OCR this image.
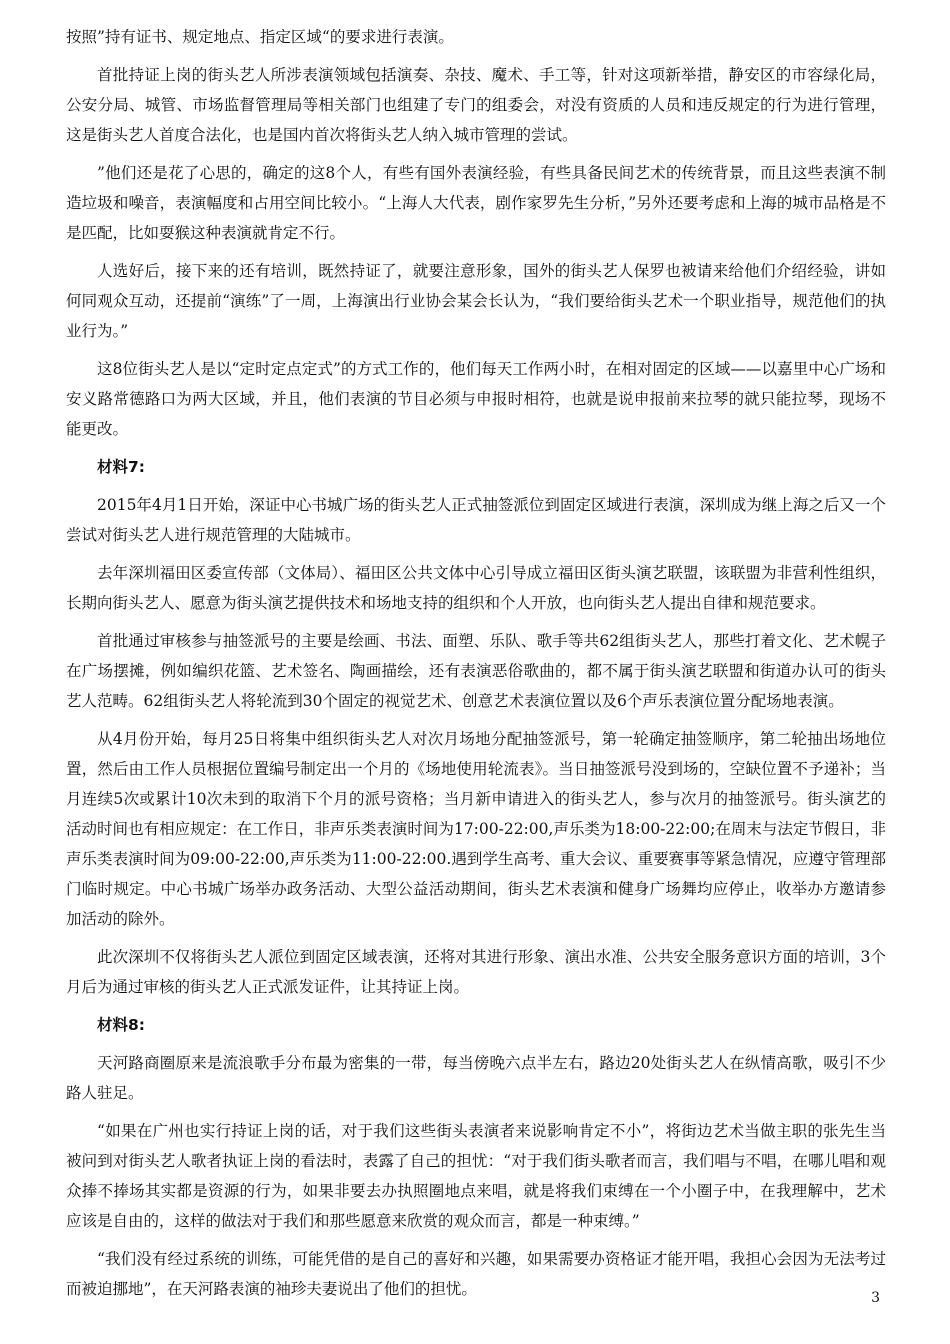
按照”持有证书、规定地点、指定区域“的要求进行表演。

首批持证上岗的街头艺人所涉表演领域包括演奏、杂技、魔术、手工等，针对这项新举措，静安区的市容绿化局，公安分局、城管、市场监督管理局等相关部门也组建了专门的组委会，对没有资质的人员和违反规定的行为进行管理，这是街头艺人首度合法化，也是国内首次将街头艺人纳入城市管理的尝试。

”他们还是花了心思的，确定的这8个人，有些有国外表演经验，有些具备民间艺术的传统背景，而且这些表演不制造垃圾和噪音，表演幅度和占用空间比较小。“上海人大代表，剧作家罗先生分析，”另外还要考虑和上海的城市品格是不是匹配，比如耍猴这种表演就肯定不行。

人选好后，接下来的还有培训，既然持证了，就要注意形象，国外的街头艺人保罗也被请来给他们介绍经验，讲如何同观众互动，还提前“演练”了一周，上海演出行业协会某会长认为，“我们要给街头艺术一个职业指导，规范他们的执业行为。”

这8位街头艺人是以“定时定点定式”的方式工作的，他们每天工作两小时，在相对固定的区域——以嘉里中心广场和安义路常德路口为两大区域，并且，他们表演的节目必须与申报时相符，也就是说申报前来拉琴的就只能拉琴，现场不能更改。

材料7:

2015年4月1日开始，深证中心书城广场的街头艺人正式抽签派位到固定区域进行表演，深圳成为继上海之后又一个尝试对街头艺人进行规范管理的大陆城市。

去年深圳福田区委宣传部（文体局）、福田区公共文体中心引导成立福田区街头演艺联盟，该联盟为非营利性组织，长期向街头艺人、愿意为街头演艺提供技术和场地支持的组织和个人开放，也向街头艺人提出自律和规范要求。

首批通过审核参与抽签派号的主要是绘画、书法、面塑、乐队、歌手等共62组街头艺人，那些打着文化、艺术幌子在广场摆摊，例如编织花篮、艺术签名、陶画描绘，还有表演恶俗歌曲的，都不属于街头演艺联盟和街道办认可的街头艺人范畴。62组街头艺人将轮流到30个固定的视觉艺术、创意艺术表演位置以及6个声乐表演位置分配场地表演。

从4月份开始，每月25日将集中组织街头艺人对次月场地分配抽签派号，第一轮确定抽签顺序，第二轮抽出场地位置，然后由工作人员根据位置编号制定出一个月的《场地使用轮流表》。当日抽签派号没到场的，空缺位置不予递补；当月连续5次或累计10次未到的取消下个月的派号资格；当月新申请进入的街头艺人，参与次月的抽签派号。街头演艺的活动时间也有相应规定：在工作日，非声乐类表演时间为17:00-22:00,声乐类为18:00-22:00;在周末与法定节假日，非声乐类表演时间为09:00-22:00,声乐类为11:00-22:00.遇到学生高考、重大会议、重要赛事等紧急情况，应遵守管理部门临时规定。中心书城广场举办政务活动、大型公益活动期间，街头艺术表演和健身广场舞均应停止，收举办方邀请参加活动的除外。

此次深圳不仅将街头艺人派位到固定区域表演，还将对其进行形象、演出水准、公共安全服务意识方面的培训，3个月后为通过审核的街头艺人正式派发证件，让其持证上岗。

材料8:

天河路商圈原来是流浪歌手分布最为密集的一带，每当傍晚六点半左右，路边20处街头艺人在纵情高歌，吸引不少路人驻足。

“如果在广州也实行持证上岗的话，对于我们这些街头表演者来说影响肯定不小”，将街边艺术当做主职的张先生当被问到对街头艺人歌者执证上岗的看法时，表露了自己的担忧：“对于我们街头歌者而言，我们唱与不唱，在哪儿唱和观众捧不捧场其实都是资源的行为，如果非要去办执照圈地点来唱，就是将我们束缚在一个小圈子中，在我理解中，艺术应该是自由的，这样的做法对于我们和那些愿意来欣赏的观众而言，都是一种束缚。”

“我们没有经过系统的训练，可能凭借的是自己的喜好和兴趣，如果需要办资格证才能开唱，我担心会因为无法考过而被迫挪地”，在天河路表演的袖珍夫妻说出了他们的担忧。	3
